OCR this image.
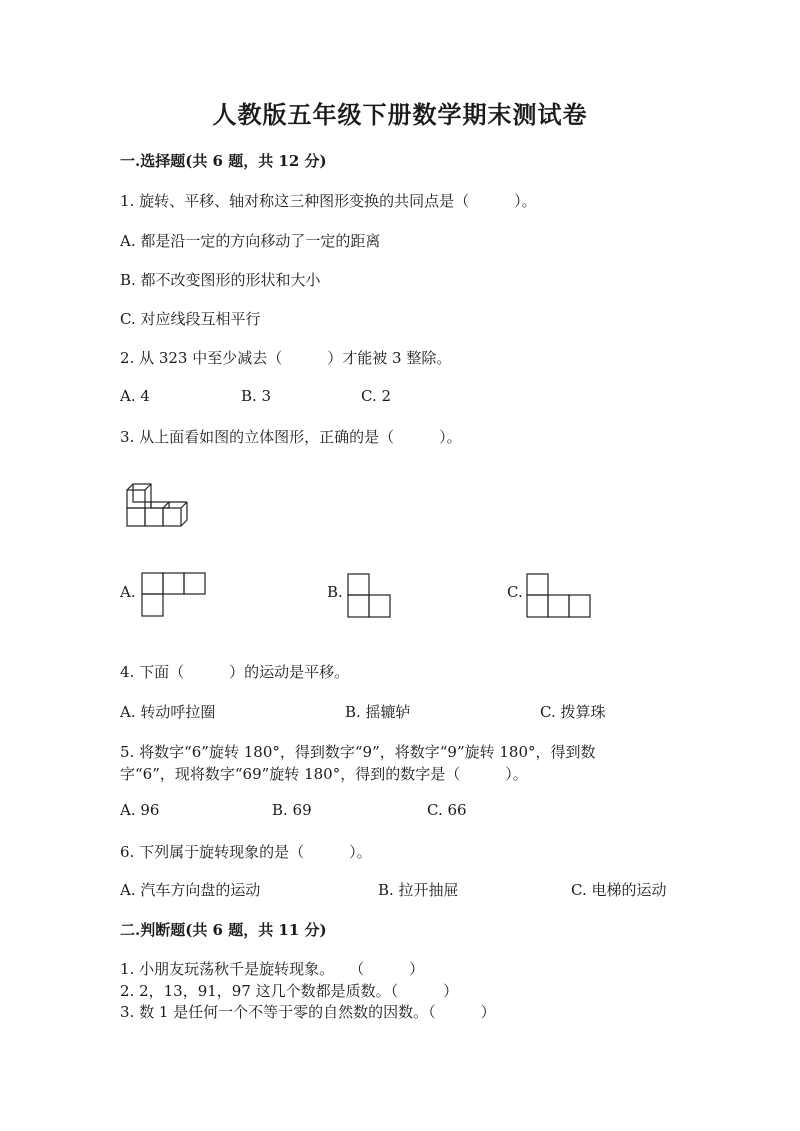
人教版五年级下册数学期末测试卷
一.选择题(共 6 题，共 12 分)
1. 旋转、平移、轴对称这三种图形变换的共同点是（　　　）。
A. 都是沿一定的方向移动了一定的距离
B. 都不改变图形的形状和大小
C. 对应线段互相平行
2. 从 323 中至少减去（　　　）才能被 3 整除。
A. 4	B. 3	C. 2
3. 从上面看如图的立体图形，正确的是（　　　）。
A.	B.	C.
4. 下面（　　　）的运动是平移。
A. 转动呼拉圈	B. 摇辘轳	C. 拨算珠
5. 将数字“6”旋转 180°，得到数字“9”，将数字“9”旋转 180°，得到数
字“6”，现将数字“69”旋转 180°，得到的数字是（　　　）。
A. 96	B. 69	C. 66
6. 下列属于旋转现象的是（　　　）。
A. 汽车方向盘的运动	B. 拉开抽屉	C. 电梯的运动
二.判断题(共 6 题，共 11 分)
1. 小朋友玩荡秋千是旋转现象。　　（　　　）
2. 2，13，91，97 这几个数都是质数。（　　　）
3. 数 1 是任何一个不等于零的自然数的因数。（　　　）
